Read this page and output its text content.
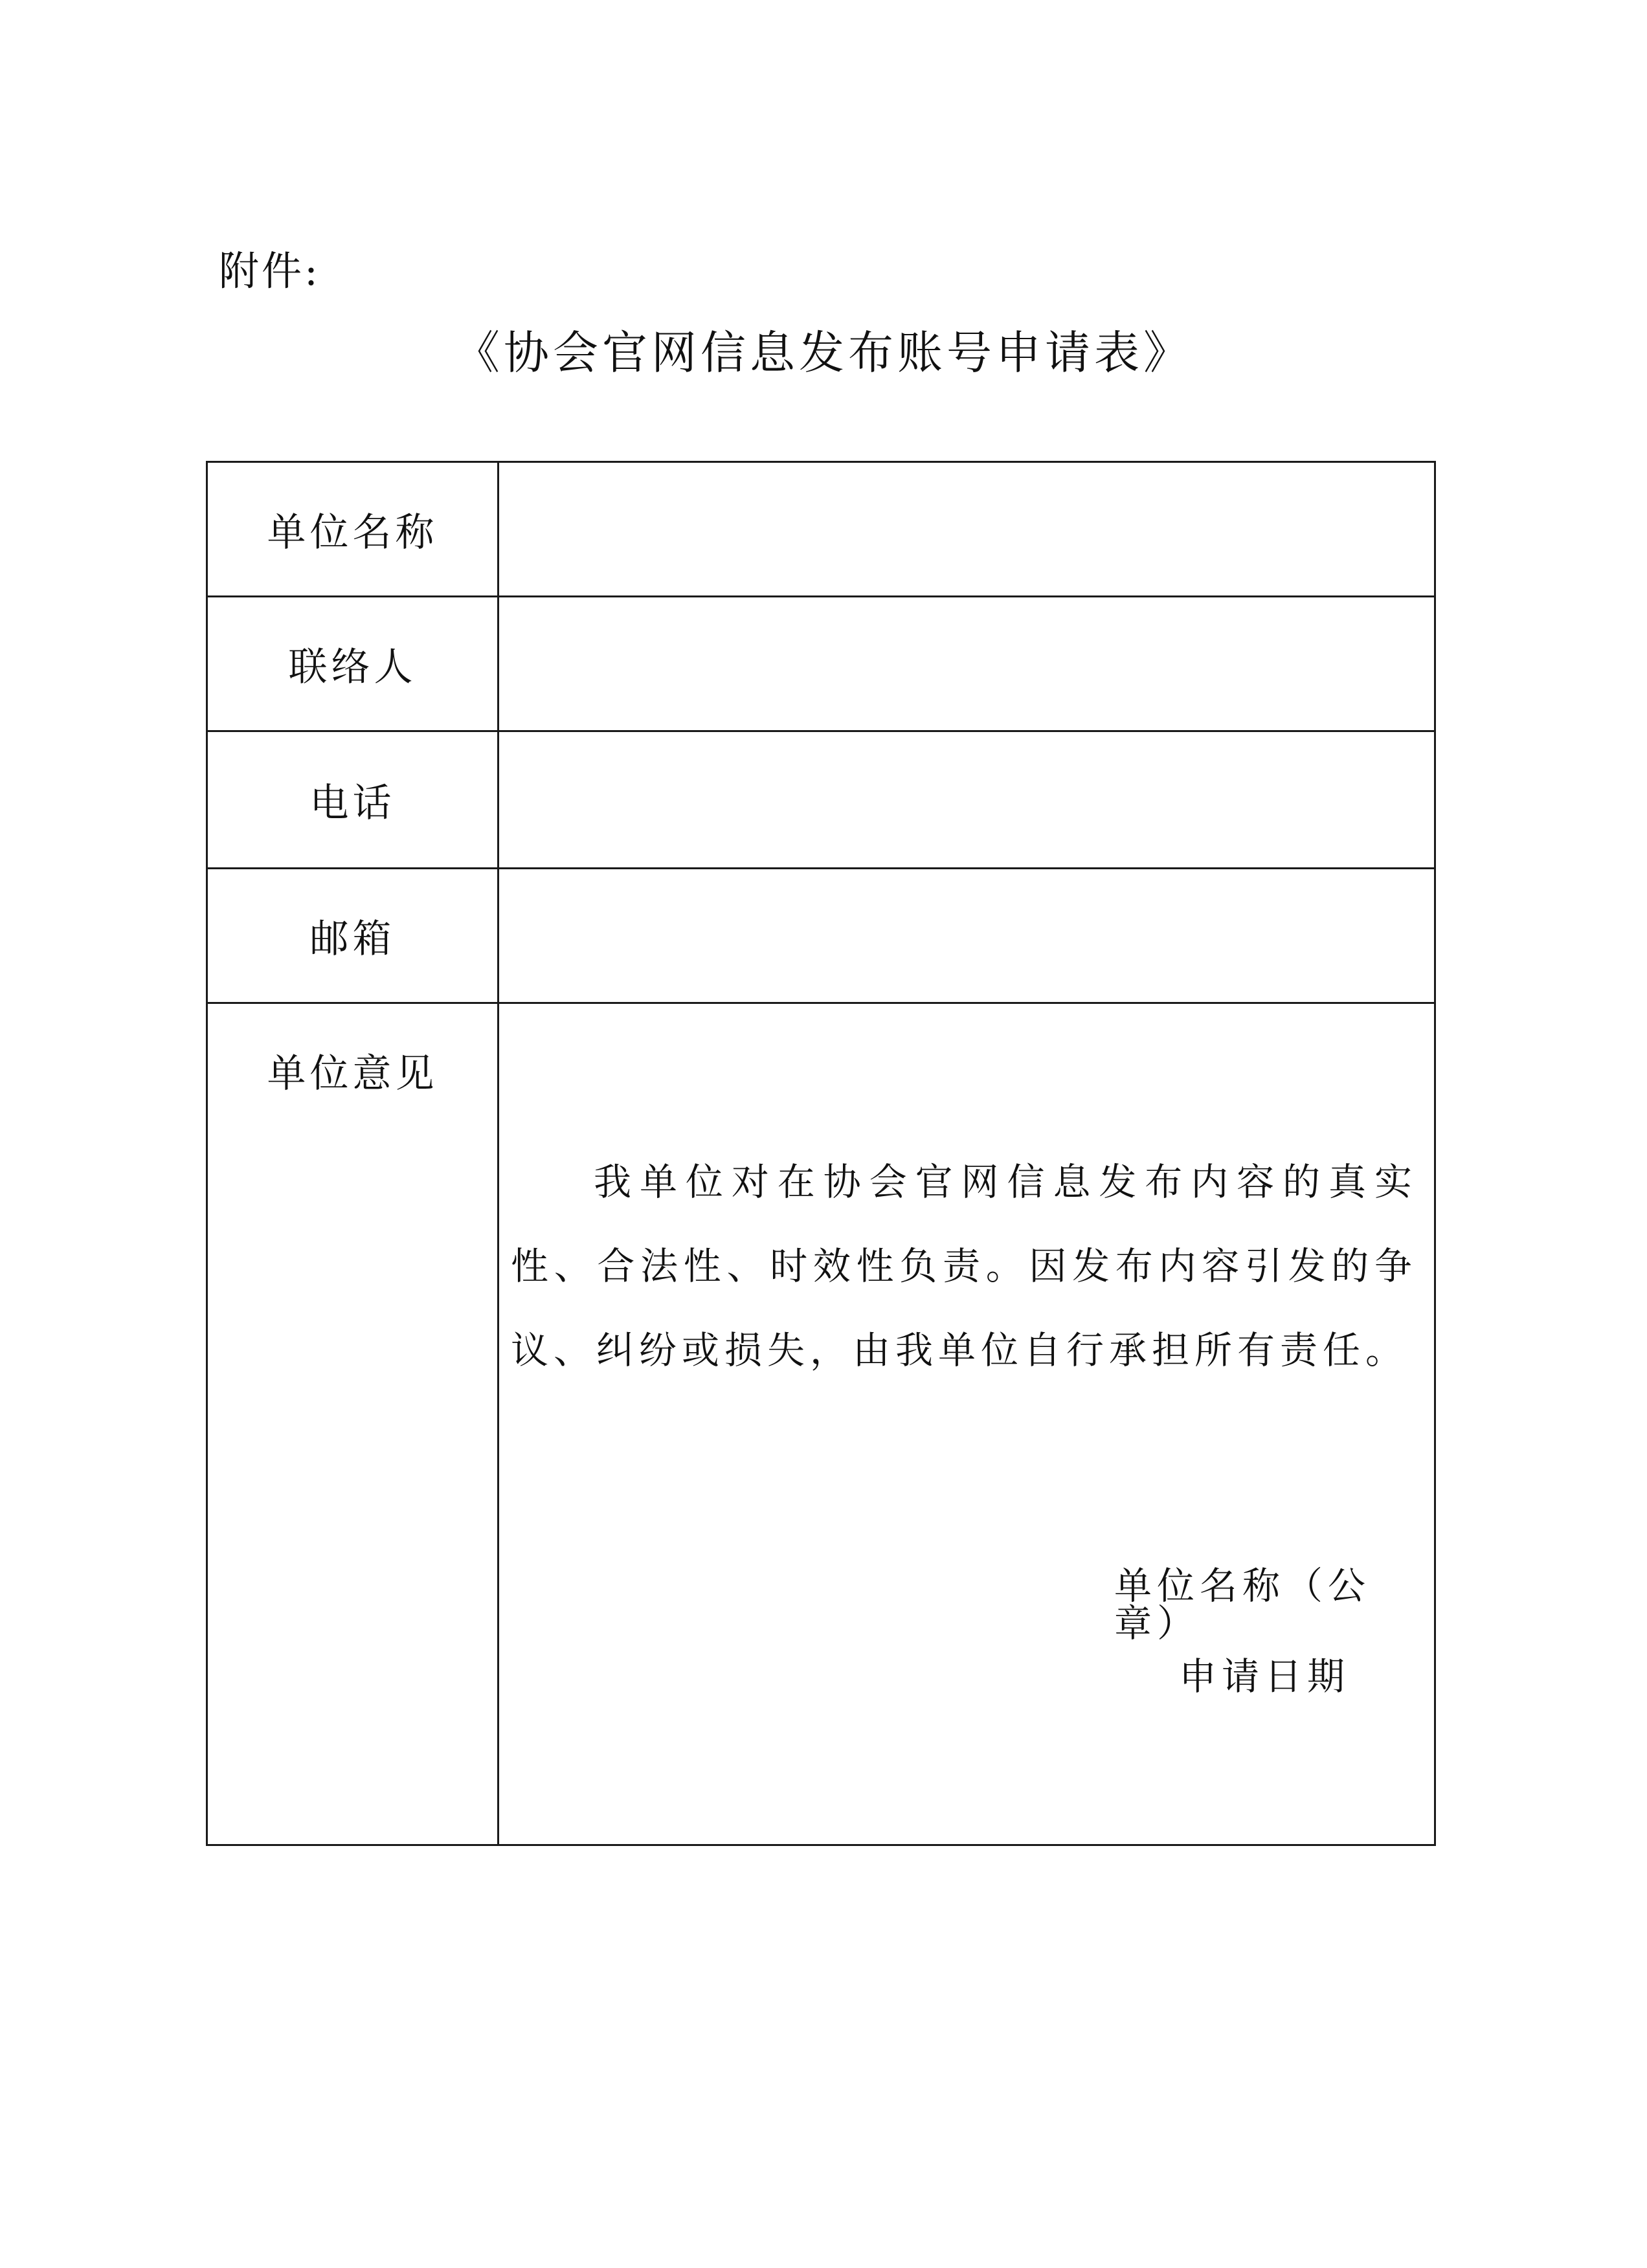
附件:
《协会官网信息发布账号申请表》
单位名称
联络人
电话
邮箱
单位意见
我单位对在协会官网信息发布内容的真实性、合法性、时效性负责。因发布内容引发的争议、纠纷或损失，由我单位自行承担所有责任。
单位名称（公章）
申请日期
